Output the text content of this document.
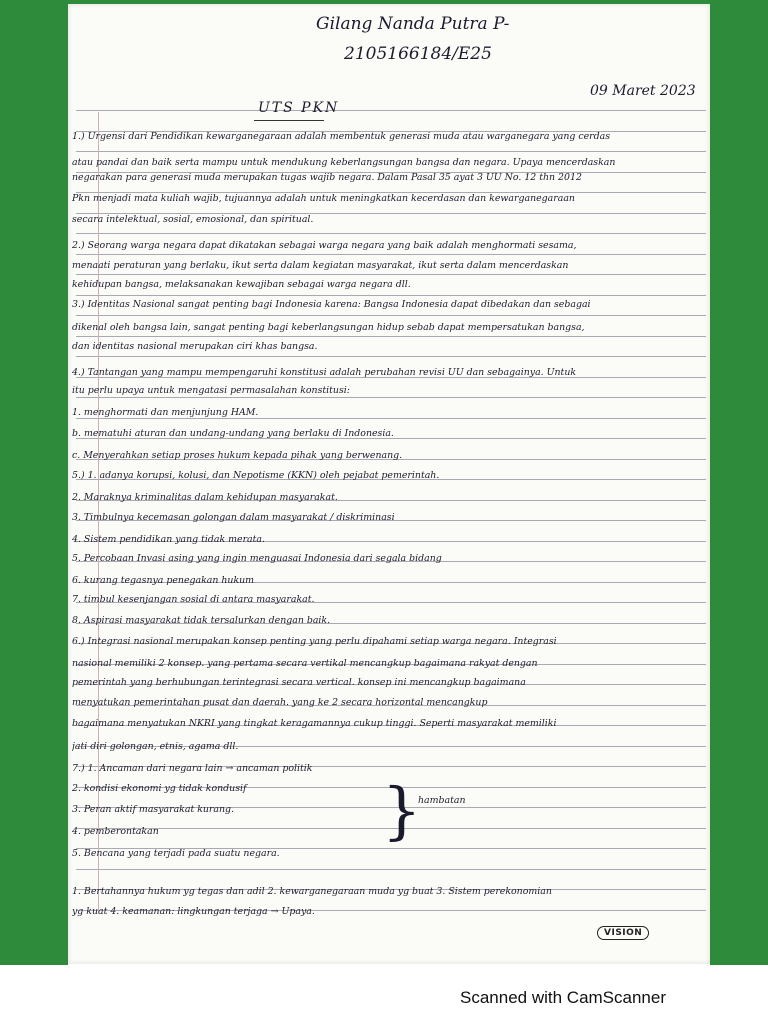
Gilang Nanda Putra P-
2105166184/E25
09 Maret 2023
UTS PKN
1.) Urgensi dari Pendidikan kewarganegaraan adalah membentuk generasi muda atau warganegara yang cerdas
atau pandai dan baik serta mampu untuk mendukung keberlangsungan bangsa dan negara. Upaya mencerdaskan
negarakan para generasi muda merupakan tugas wajib negara. Dalam Pasal 35 ayat 3 UU No. 12 thn 2012
Pkn menjadi mata kuliah wajib, tujuannya adalah untuk meningkatkan kecerdasan dan kewarganegaraan
secara intelektual, sosial, emosional, dan spiritual.
2.) Seorang warga negara dapat dikatakan sebagai warga negara yang baik adalah menghormati sesama,
menaati peraturan yang berlaku, ikut serta dalam kegiatan masyarakat, ikut serta dalam mencerdaskan
kehidupan bangsa, melaksanakan kewajiban sebagai warga negara dll.
3.) Identitas Nasional sangat penting bagi Indonesia karena: Bangsa Indonesia dapat dibedakan dan sebagai
dikenal oleh bangsa lain, sangat penting bagi keberlangsungan hidup sebab dapat mempersatukan bangsa,
dan identitas nasional merupakan ciri khas bangsa.
4.) Tantangan yang mampu mempengaruhi konstitusi adalah perubahan revisi UU dan sebagainya. Untuk
itu perlu upaya untuk mengatasi permasalahan konstitusi:
1. menghormati dan menjunjung HAM.
b. mematuhi aturan dan undang-undang yang berlaku di Indonesia.
c. Menyerahkan setiap proses hukum kepada pihak yang berwenang.
5.) 1. adanya korupsi, kolusi, dan Nepotisme (KKN) oleh pejabat pemerintah.
2. Maraknya kriminalitas dalam kehidupan masyarakat.
3. Timbulnya kecemasan golongan dalam masyarakat / diskriminasi
4. Sistem pendidikan yang tidak merata.
5. Percobaan Invasi asing yang ingin menguasai Indonesia dari segala bidang
6. kurang tegasnya penegakan hukum
7. timbul kesenjangan sosial di antara masyarakat.
8. Aspirasi masyarakat tidak tersalurkan dengan baik.
6.) Integrasi nasional merupakan konsep penting yang perlu dipahami setiap warga negara. Integrasi
nasional memiliki 2 konsep. yang pertama secara vertikal mencangkup bagaimana rakyat dengan
pemerintah yang berhubungan terintegrasi secara vertical. konsep ini mencangkup bagaimana
menyatukan pemerintahan pusat dan daerah. yang ke 2 secara horizontal mencangkup
bagaimana menyatukan NKRI yang tingkat keragamannya cukup tinggi. Seperti masyarakat memiliki
jati diri golongan, etnis, agama dll.
7.) 1. Ancaman dari negara lain → ancaman politik
2. kondisi ekonomi yg tidak kondusif
3. Peran aktif masyarakat kurang.
4. pemberontakan
5. Bencana yang terjadi pada suatu negara.
1. Bertahannya hukum yg tegas dan adil 2. kewarganegaraan muda yg buat 3. Sistem perekonomian
yg kuat 4. keamanan: lingkungan terjaga → Upaya.
}
hambatan
VISION
Scanned with CamScanner
